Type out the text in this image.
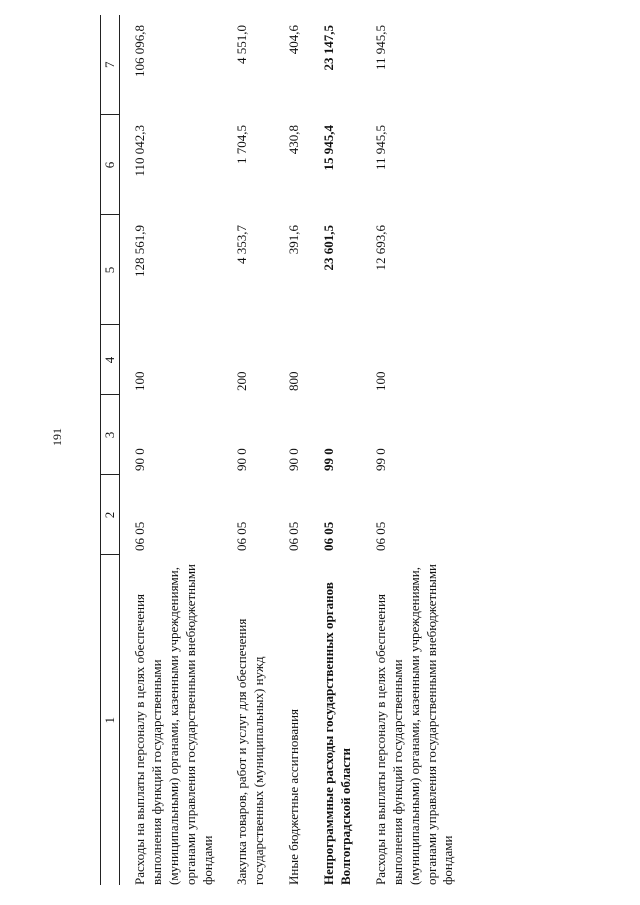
191
1	2	3	4	5	6	7
Расходы на выплаты персоналу в целях обеспечения выполнения функций государственными (муниципальными) органами, казенными учреждениями, органами управления государственными внебюджетными фондами	06 05	90 0	100	128 561,9	110 042,3	106 096,8
Закупка товаров, работ и услуг для обеспечения государственных (муниципальных) нужд	06 05	90 0	200	4 353,7	1 704,5	4 551,0
Иные бюджетные ассигнования	06 05	90 0	800	391,6	430,8	404,6
Непрограммные расходы государственных органов Волгоградской области	06 05	99 0		23 601,5	15 945,4	23 147,5
Расходы на выплаты персоналу в целях обеспечения выполнения функций государственными (муниципальными) органами, казенными учреждениями, органами управления государственными внебюджетными фондами	06 05	99 0	100	12 693,6	11 945,5	11 945,5
